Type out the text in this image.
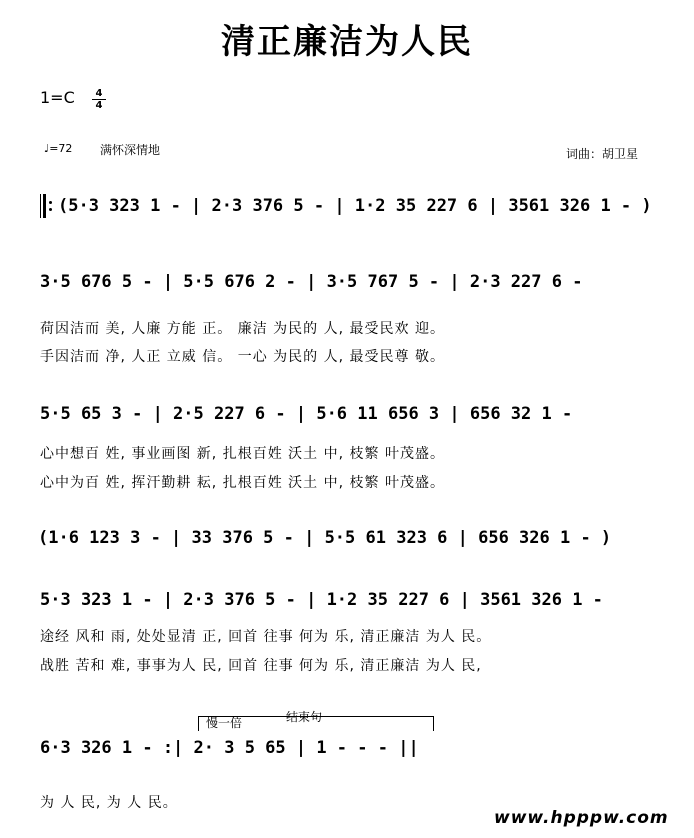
清正廉洁为人民
$1=C \frac{4}{4}$
♩=72 满怀深情地	词曲：胡卫星
(5·3 323 1 - | 2·3 376 5 - | 1·2 35 227 6 | 3561 326 1 - )
3·5 676 5 - | 5·5 676 2 - | 3·5 767 5 - | 2·3 227 6 -
荷因洁而 美, 人廉 方能 正。 廉洁 为民的 人, 最受民欢 迎。
手因洁而 净, 人正 立威 信。 一心 为民的 人, 最受民尊 敬。
5·5 65 3 - | 2·5 227 6 - | 5·6 11 656 3 | 656 32 1 -
心中想百 姓, 事业画图 新, 扎根百姓 沃土 中, 枝繁 叶茂盛。
心中为百 姓, 挥汗勤耕 耘, 扎根百姓 沃土 中, 枝繁 叶茂盛。
(1·6 123 3 - | 33 376 5 - | 5·5 61 323 6 | 656 326 1 - )
5·3 323 1 - | 2·3 376 5 - | 1·2 35 227 6 | 3561 326 1 -
途经 风和 雨, 处处显清 正, 回首 往事 何为 乐, 清正廉洁 为人 民。
战胜 苦和 难, 事事为人 民, 回首 往事 何为 乐, 清正廉洁 为人 民,
慢一倍	结束句
6·3 326 1 - :| 2· 3 5 65 | 1 - - - ||
为 人 民, 为 人 民。
www.hpppw.com
